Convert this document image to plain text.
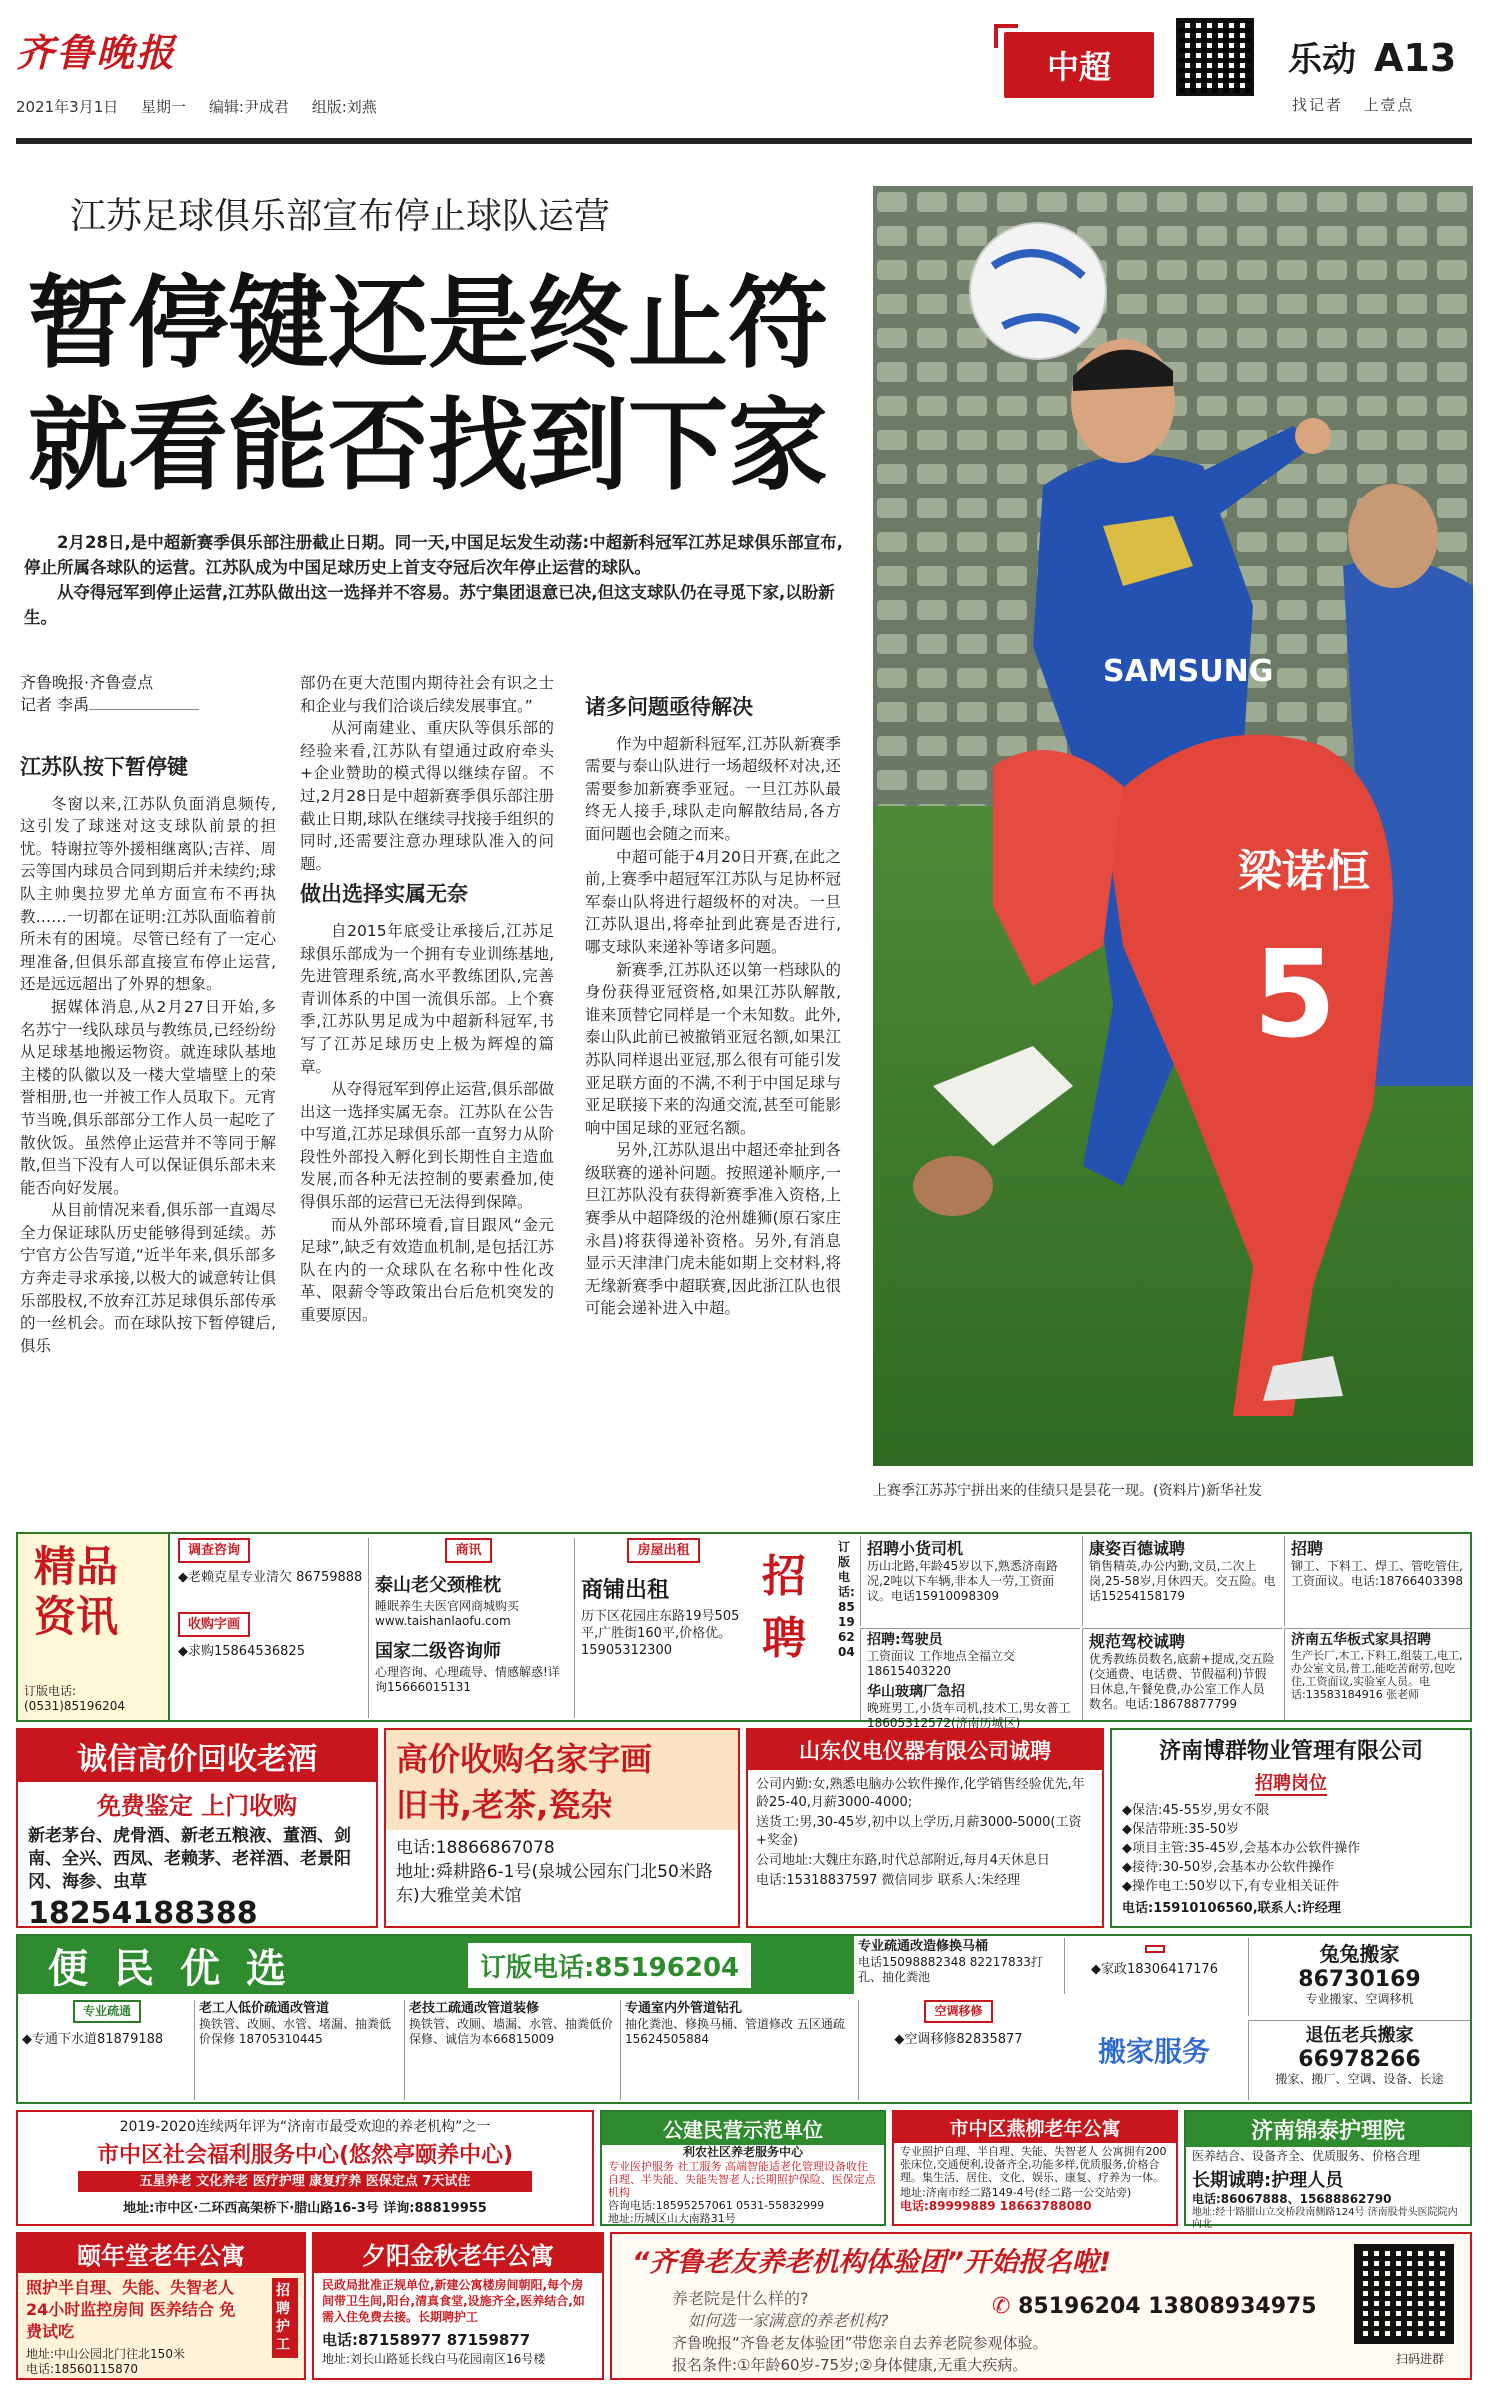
齐鲁晚报
2021年3月1日 星期一 编辑:尹成君 组版:刘燕
中超	乐动 A13
找记者 上壹点
江苏足球俱乐部宣布停止球队运营
暂停键还是终止符
就看能否找到下家

2月28日,是中超新赛季俱乐部注册截止日期。同一天,中国足坛发生动荡:中超新科冠军江苏足球俱乐部宣布,停止所属各球队的运营。江苏队成为中国足球历史上首支夺冠后次年停止运营的球队。

从夺得冠军到停止运营,江苏队做出这一选择并不容易。苏宁集团退意已决,但这支球队仍在寻觅下家,以盼新生。

SAMSUNG
梁诺恒
5
上赛季江苏苏宁拼出来的佳绩只是昙花一现。(资料片)新华社发
齐鲁晚报·齐鲁壹点
记者 李禹
江苏队按下暂停键

冬窗以来,江苏队负面消息频传,这引发了球迷对这支球队前景的担忧。特谢拉等外援相继离队;吉祥、周云等国内球员合同到期后并未续约;球队主帅奥拉罗尤单方面宣布不再执教……一切都在证明:江苏队面临着前所未有的困境。尽管已经有了一定心理准备,但俱乐部直接宣布停止运营,还是远远超出了外界的想象。

据媒体消息,从2月27日开始,多名苏宁一线队球员与教练员,已经纷纷从足球基地搬运物资。就连球队基地主楼的队徽以及一楼大堂墙壁上的荣誉相册,也一并被工作人员取下。元宵节当晚,俱乐部部分工作人员一起吃了散伙饭。虽然停止运营并不等同于解散,但当下没有人可以保证俱乐部未来能否向好发展。

从目前情况来看,俱乐部一直竭尽全力保证球队历史能够得到延续。苏宁官方公告写道,“近半年来,俱乐部多方奔走寻求承接,以极大的诚意转让俱乐部股权,不放弃江苏足球俱乐部传承的一丝机会。而在球队按下暂停键后,俱乐

部仍在更大范围内期待社会有识之士和企业与我们洽谈后续发展事宜。”

从河南建业、重庆队等俱乐部的经验来看,江苏队有望通过政府牵头+企业赞助的模式得以继续存留。不过,2月28日是中超新赛季俱乐部注册截止日期,球队在继续寻找接手组织的同时,还需要注意办理球队准入的问题。

做出选择实属无奈

自2015年底受让承接后,江苏足球俱乐部成为一个拥有专业训练基地,先进管理系统,高水平教练团队,完善青训体系的中国一流俱乐部。上个赛季,江苏队男足成为中超新科冠军,书写了江苏足球历史上极为辉煌的篇章。

从夺得冠军到停止运营,俱乐部做出这一选择实属无奈。江苏队在公告中写道,江苏足球俱乐部一直努力从阶段性外部投入孵化到长期性自主造血发展,而各种无法控制的要素叠加,使得俱乐部的运营已无法得到保障。

而从外部环境看,盲目跟风“金元足球”,缺乏有效造血机制,是包括江苏队在内的一众球队在名称中性化改革、限薪令等政策出台后危机突发的重要原因。

诸多问题亟待解决

作为中超新科冠军,江苏队新赛季需要与泰山队进行一场超级杯对决,还需要参加新赛季亚冠。一旦江苏队最终无人接手,球队走向解散结局,各方面问题也会随之而来。

中超可能于4月20日开赛,在此之前,上赛季中超冠军江苏队与足协杯冠军泰山队将进行超级杯的对决。一旦江苏队退出,将牵扯到此赛是否进行,哪支球队来递补等诸多问题。

新赛季,江苏队还以第一档球队的身份获得亚冠资格,如果江苏队解散,谁来顶替它同样是一个未知数。此外,泰山队此前已被撤销亚冠名额,如果江苏队同样退出亚冠,那么很有可能引发亚足联方面的不满,不利于中国足球与亚足联接下来的沟通交流,甚至可能影响中国足球的亚冠名额。

另外,江苏队退出中超还牵扯到各级联赛的递补问题。按照递补顺序,一旦江苏队没有获得新赛季准入资格,上赛季从中超降级的沧州雄狮(原石家庄永昌)将获得递补资格。另外,有消息显示天津津门虎未能如期上交材料,将无缘新赛季中超联赛,因此浙江队也很可能会递补进入中超。

精品资讯
订版电话:(0531)85196204
调查咨询
◆老赖克星专业清欠 86759888
收购字画
◆求购15864536825
商讯
泰山老父颈椎枕
睡眠养生夫医官网商城购买 www.taishanlaofu.com
国家二级咨询师
心理咨询、心理疏导、情感解惑!详询15666015131
房屋出租
商铺出租
历下区花园庄东路19号505平,广胜街160平,价格优。15905312300
招聘
订版电话:85196204
招聘小货司机
历山北路,年龄45岁以下,熟悉济南路况,2吨以下车辆,非本人一劳,工资面议。电话15910098309
康姿百德诚聘
销售精英,办公内勤,文员,二次上岗,25-58岁,月休四天。交五险。电话15254158179
招聘
铆工、下料工、焊工、管吃管住,工资面议。电话:18766403398
招聘:驾驶员
工资面议 工作地点全福立交18615403220
华山玻璃厂急招
晚班男工,小货车司机,技术工,男女普工18605312572(济南历城区)
规范驾校诚聘
优秀教练员数名,底薪+提成,交五险(交通费、电话费、节假福利)节假日休息,午餐免费,办公室工作人员数名。电话:18678877799
济南五华板式家具招聘
生产长厂,木工,下料工,组装工,电工,办公室文员,普工,能吃苦耐劳,包吃住,工资面议,实验室人员。电话:13583184916 张老师
诚信高价回收老酒
免费鉴定 上门收购
新老茅台、虎骨酒、新老五粮液、董酒、剑南、全兴、西凤、老赖茅、老祥酒、老景阳冈、海参、虫草
18254188388
高价收购名家字画
旧书,老茶,瓷杂
电话:18866867078
地址:舜耕路6-1号(泉城公园东门北50米路东)大雅堂美术馆
山东仪电仪器有限公司诚聘
公司内勤:女,熟悉电脑办公软件操作,化学销售经验优先,年龄25-40,月薪3000-4000;
送货工:男,30-45岁,初中以上学历,月薪3000-5000(工资+奖金)
公司地址:大魏庄东路,时代总部附近,每月4天休息日
电话:15318837597 微信同步 联系人:朱经理
济南博群物业管理有限公司
招聘岗位
◆保洁:45-55岁,男女不限
◆保洁带班:35-50岁
◆项目主管:35-45岁,会基本办公软件操作
◆接待:30-50岁,会基本办公软件操作
◆操作电工:50岁以下,有专业相关证件
电话:15910106560,联系人:许经理
便民优选	订版电话:85196204
专业疏通改造修换马桶
电话15098882348 82217833打孔、抽化粪池	◆家政18306417176
兔兔搬家
86730169
专业搬家、空调移机
专业疏通
◆专通下水道81879188
老工人低价疏通改管道
换铁管、改厕、水管、堵漏、抽粪低价保修 18705310445
老技工疏通改管道装修
换铁管、改厕、墙漏、水管、抽粪低价保修、诚信为本66815009
专通室内外管道钻孔
抽化粪池、修换马桶、管道修改 五区通疏 15624505884
空调移修
◆空调移修82835877	搬家服务	退伍老兵搬家
66978266
搬家、搬厂、空调、设备、长途
2019-2020连续两年评为“济南市最受欢迎的养老机构”之一
市中区社会福利服务中心(悠然亭颐养中心)
五星养老 文化养老 医疗护理 康复疗养 医保定点 7天试住
地址:市中区·二环西高架桥下·腊山路16-3号 详询:88819955
公建民营示范单位
利农社区养老服务中心
专业医护服务 社工服务 高端智能适老化管理设备收住自理、半失能、失能失智老人;长期照护保险、医保定点机构
咨询电话:18595257061 0531-55832999
地址:历城区山大南路31号
市中区燕柳老年公寓
专业照护自理、半自理、失能、失智老人 公寓拥有200张床位,交通便利,设备齐全,功能多样,优质服务,价格合理。集生活、居住、文化、娱乐、康复、疗养为一体。
地址:济南市经二路149-4号(经二路一公交站旁)
电话:89999889 18663788080
济南锦泰护理院
医养结合、设备齐全、优质服务、价格合理
长期诚聘:护理人员
电话:86067888、15688862790
地址:经十路腊山立交桥段南侧路124号 济南股骨头医院院内向北
颐年堂老年公寓
照护半自理、失能、失智老人 24小时监控房间 医养结合 免费试吃
地址:中山公园北门往北150米
电话:18560115870
招聘护工
夕阳金秋老年公寓
民政局批准正规单位,新建公寓楼房间朝阳,每个房间带卫生间,阳台,清真食堂,设施齐全,医养结合,如需入住免费去接。长期聘护工
电话:87158977 87159877
地址:刘长山路延长线白马花园南区16号楼
“齐鲁老友养老机构体验团”开始报名啦!
养老院是什么样的?
如何选一家满意的养老机构?
✆ 85196204 13808934975
齐鲁晚报“齐鲁老友体验团”带您亲自去养老院参观体验。
报名条件:①年龄60岁-75岁;②身体健康,无重大疾病。	扫码进群
